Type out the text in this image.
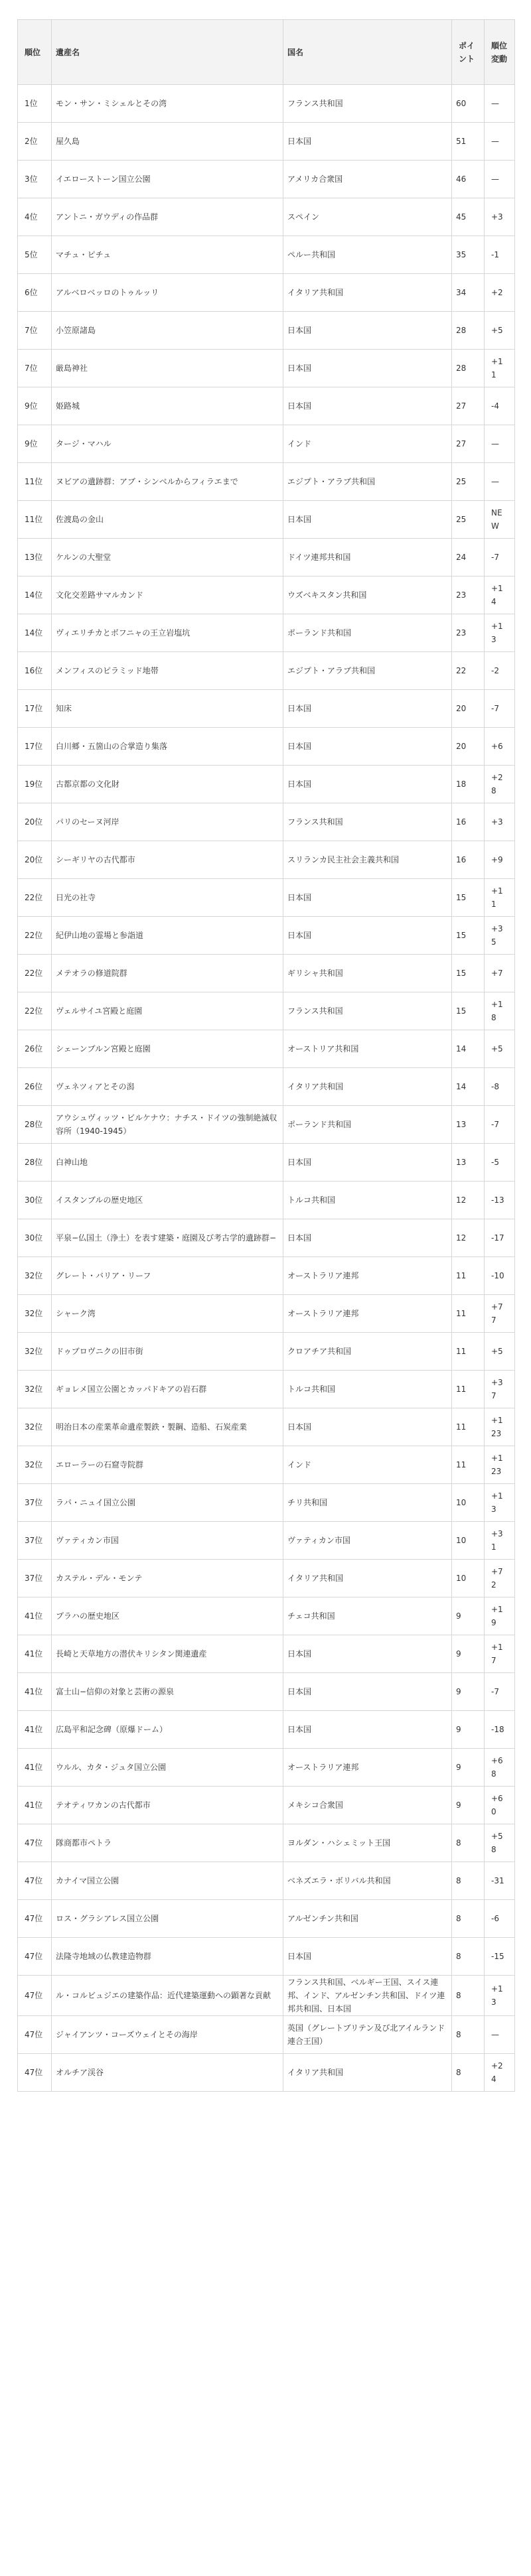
順位	遺産名	国名	ポイント	順位変動
1位	モン・サン・ミシェルとその湾	フランス共和国	60	—
2位	屋久島	日本国	51	—
3位	イエローストーン国立公園	アメリカ合衆国	46	—
4位	アントニ・ガウディの作品群	スペイン	45	+3
5位	マチュ・ピチュ	ペルー共和国	35	-1
6位	アルベロベッロのトゥルッリ	イタリア共和国	34	+2
7位	小笠原諸島	日本国	28	+5
7位	厳島神社	日本国	28	+11
9位	姫路城	日本国	27	-4
9位	タージ・マハル	インド	27	—
11位	ヌビアの遺跡群：アブ・シンベルからフィラエまで	エジプト・アラブ共和国	25	—
11位	佐渡島の金山	日本国	25	NEW
13位	ケルンの大聖堂	ドイツ連邦共和国	24	-7
14位	文化交差路サマルカンド	ウズベキスタン共和国	23	+14
14位	ヴィエリチカとボフニャの王立岩塩坑	ポーランド共和国	23	+13
16位	メンフィスのピラミッド地帯	エジプト・アラブ共和国	22	-2
17位	知床	日本国	20	-7
17位	白川郷・五箇山の合掌造り集落	日本国	20	+6
19位	古都京都の文化財	日本国	18	+28
20位	パリのセーヌ河岸	フランス共和国	16	+3
20位	シーギリヤの古代都市	スリランカ民主社会主義共和国	16	+9
22位	日光の社寺	日本国	15	+11
22位	紀伊山地の霊場と参詣道	日本国	15	+35
22位	メテオラの修道院群	ギリシャ共和国	15	+7
22位	ヴェルサイユ宮殿と庭園	フランス共和国	15	+18
26位	シェーンブルン宮殿と庭園	オーストリア共和国	14	+5
26位	ヴェネツィアとその潟	イタリア共和国	14	-8
28位	アウシュヴィッツ・ビルケナウ：ナチス・ドイツの強制絶滅収容所（1940-1945）	ポーランド共和国	13	-7
28位	白神山地	日本国	13	-5
30位	イスタンブルの歴史地区	トルコ共和国	12	-13
30位	平泉−仏国土（浄土）を表す建築・庭園及び考古学的遺跡群−	日本国	12	-17
32位	グレート・バリア・リーフ	オーストラリア連邦	11	-10
32位	シャーク湾	オーストラリア連邦	11	+77
32位	ドゥブロヴニクの旧市街	クロアチア共和国	11	+5
32位	ギョレメ国立公園とカッパドキアの岩石群	トルコ共和国	11	+37
32位	明治日本の産業革命遺産製鉄・製鋼、造船、石炭産業	日本国	11	+123
32位	エローラーの石窟寺院群	インド	11	+123
37位	ラパ・ニュイ国立公園	チリ共和国	10	+13
37位	ヴァティカン市国	ヴァティカン市国	10	+31
37位	カステル・デル・モンテ	イタリア共和国	10	+72
41位	プラハの歴史地区	チェコ共和国	9	+19
41位	長崎と天草地方の潜伏キリシタン関連遺産	日本国	9	+17
41位	富士山−信仰の対象と芸術の源泉	日本国	9	-7
41位	広島平和記念碑（原爆ドーム）	日本国	9	-18
41位	ウルル、カタ・ジュタ国立公園	オーストラリア連邦	9	+68
41位	テオティワカンの古代都市	メキシコ合衆国	9	+60
47位	隊商都市ペトラ	ヨルダン・ハシェミット王国	8	+58
47位	カナイマ国立公園	ベネズエラ・ボリバル共和国	8	-31
47位	ロス・グラシアレス国立公園	アルゼンチン共和国	8	-6
47位	法隆寺地域の仏教建造物群	日本国	8	-15
47位	ル・コルビュジエの建築作品：近代建築運動への顕著な貢献	フランス共和国、ベルギー王国、スイス連邦、インド、アルゼンチン共和国、ドイツ連邦共和国、日本国	8	+13
47位	ジャイアンツ・コーズウェイとその海岸	英国（グレートブリテン及び北アイルランド連合王国）	8	—
47位	オルチア渓谷	イタリア共和国	8	+24
